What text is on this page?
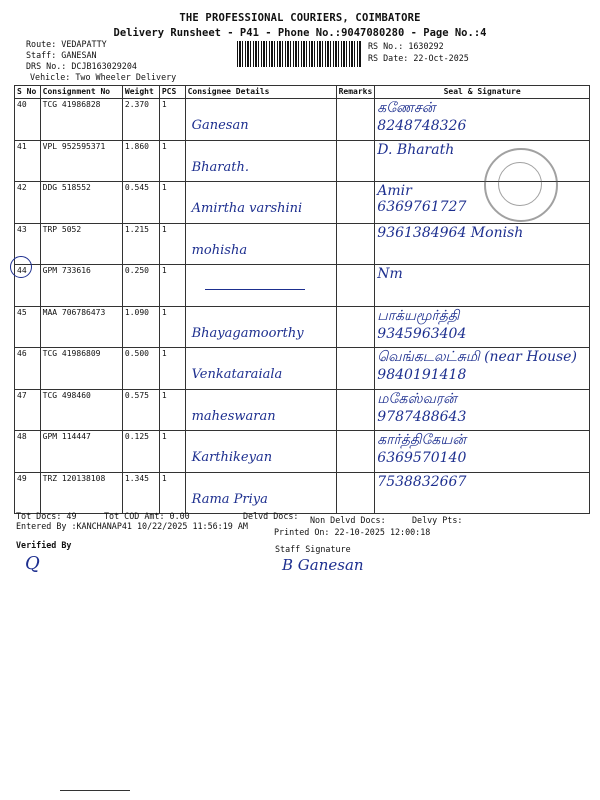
THE PROFESSIONAL COURIERS, COIMBATORE
Delivery Runsheet - P41 - Phone No.:9047080280 - Page No.:4
Route: VEDAPATTY
Staff: GANESAN
DRS No.: DCJB163029204
Vehicle: Two Wheeler Delivery
RS No.: 1630292
RS Date: 22-Oct-2025
S No	Consignment No	Weight	PCS	Consignee Details	Remarks	Seal & Signature
40	TCG 41986828	2.370	1	Ganesan		கணேசன்
8248748326

41	VPL 952595371	1.860	1	Bharath.		D. Bharath

42	DDG 518552	0.545	1	Amirtha varshini		Amir
6369761727

43	TRP 5052	1.215	1	mohisha		9361384964 Monish

44	GPM 733616	0.250	1			Nm

45	MAA 706786473	1.090	1	Bhayagamoorthy		பாக்யமூர்த்தி
9345963404

46	TCG 41986809	0.500	1	Venkataraiala		வெங்கடலட்சுமி (near House)
9840191418

47	TCG 498460	0.575	1	maheswaran		மகேஸ்வரன்
9787488643

48	GPM 114447	0.125	1	Karthikeyan		கார்த்திகேயன்
6369570140

49	TRZ 120138108	1.345	1	Rama Priya		7538832667
Tot Docs: 49	Tot COD Amt: 0.00	Delvd Docs: Non Delvd Docs:	Delvy Pts:
Entered By :KANCHANAP41 10/22/2025 11:56:19 AM
Printed On: 22-10-2025 12:00:18
Verified By	Staff Signature
Q	B Ganesan
